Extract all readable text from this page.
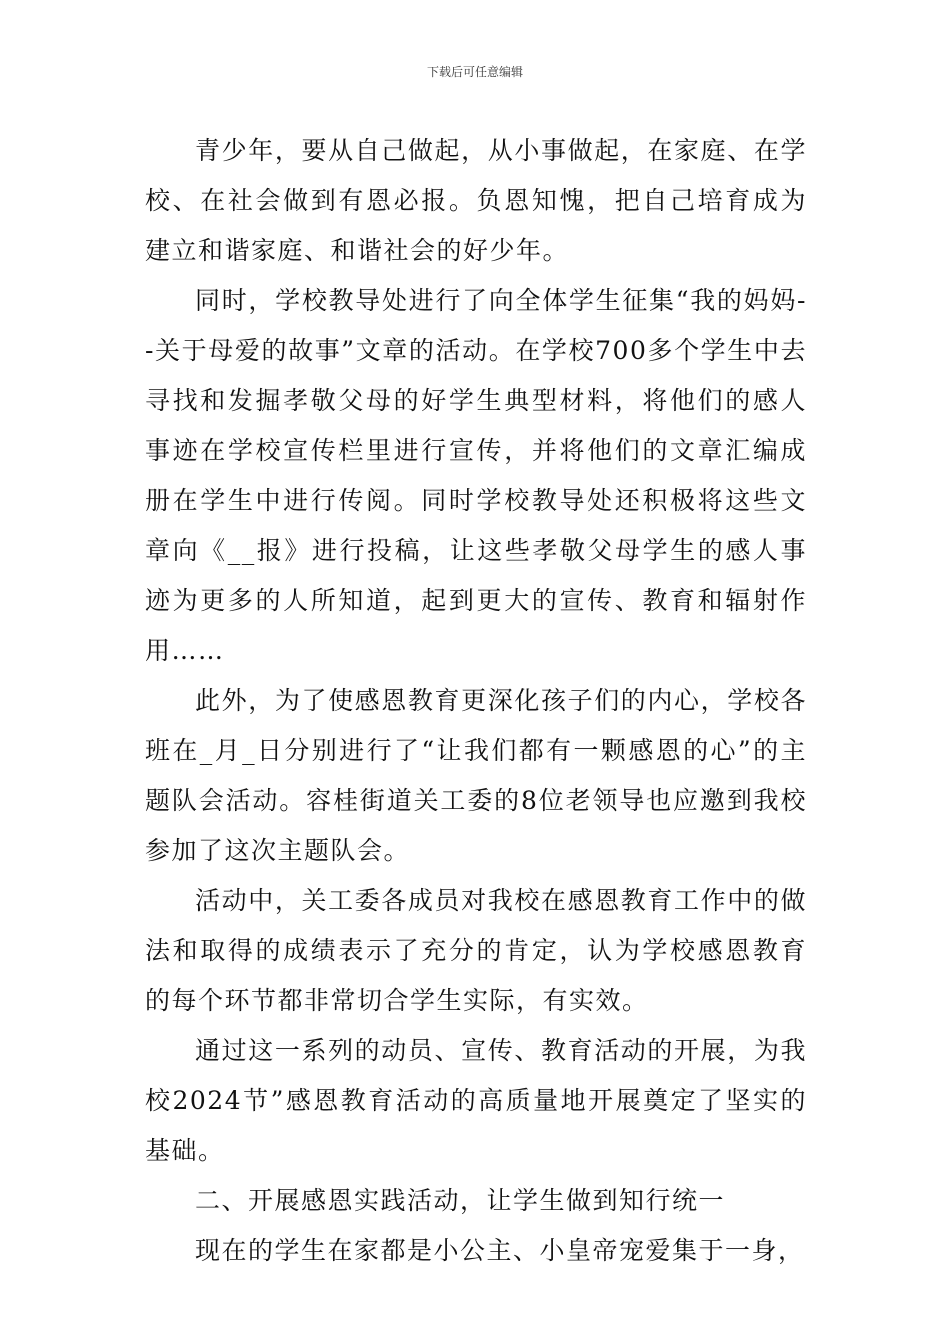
下载后可任意编辑

青少年，要从自己做起，从小事做起，在家庭、在学校、在社会做到有恩必报。负恩知愧，把自己培育成为建立和谐家庭、和谐社会的好少年。

同时，学校教导处进行了向全体学生征集“我的妈妈--关于母爱的故事”文章的活动。在学校700多个学生中去寻找和发掘孝敬父母的好学生典型材料，将他们的感人事迹在学校宣传栏里进行宣传，并将他们的文章汇编成册在学生中进行传阅。同时学校教导处还积极将这些文章向《__报》进行投稿，让这些孝敬父母学生的感人事迹为更多的人所知道，起到更大的宣传、教育和辐射作用……

此外，为了使感恩教育更深化孩子们的内心，学校各班在_月_日分别进行了“让我们都有一颗感恩的心”的主题队会活动。容桂街道关工委的8位老领导也应邀到我校参加了这次主题队会。

活动中，关工委各成员对我校在感恩教育工作中的做法和取得的成绩表示了充分的肯定，认为学校感恩教育的每个环节都非常切合学生实际，有实效。

通过这一系列的动员、宣传、教育活动的开展，为我校2024节”感恩教育活动的高质量地开展奠定了坚实的基础。

二、开展感恩实践活动，让学生做到知行统一

现在的学生在家都是小公主、小皇帝宠爱集于一身，
